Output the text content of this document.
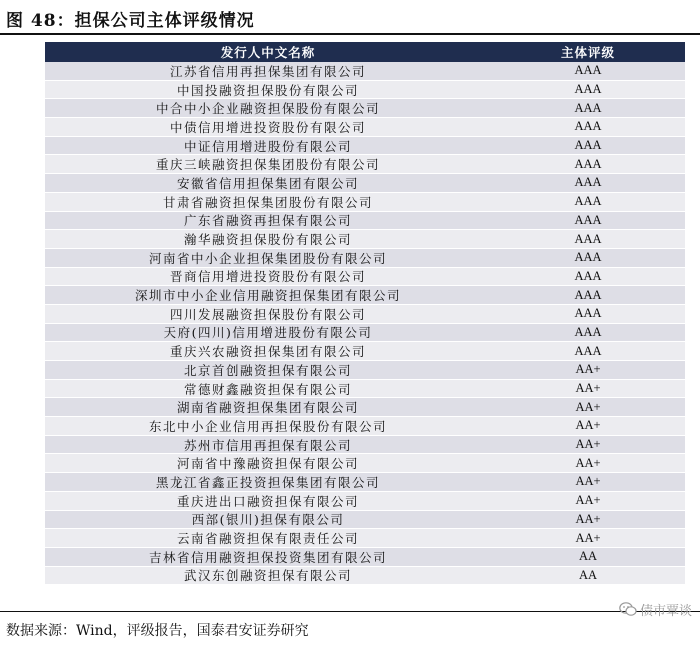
图 48：担保公司主体评级情况
发行人中文名称	主体评级
江苏省信用再担保集团有限公司	AAA
中国投融资担保股份有限公司	AAA
中合中小企业融资担保股份有限公司	AAA
中债信用增进投资股份有限公司	AAA
中证信用增进股份有限公司	AAA
重庆三峡融资担保集团股份有限公司	AAA
安徽省信用担保集团有限公司	AAA
甘肃省融资担保集团股份有限公司	AAA
广东省融资再担保有限公司	AAA
瀚华融资担保股份有限公司	AAA
河南省中小企业担保集团股份有限公司	AAA
晋商信用增进投资股份有限公司	AAA
深圳市中小企业信用融资担保集团有限公司	AAA
四川发展融资担保股份有限公司	AAA
天府(四川)信用增进股份有限公司	AAA
重庆兴农融资担保集团有限公司	AAA
北京首创融资担保有限公司	AA+
常德财鑫融资担保有限公司	AA+
湖南省融资担保集团有限公司	AA+
东北中小企业信用再担保股份有限公司	AA+
苏州市信用再担保有限公司	AA+
河南省中豫融资担保有限公司	AA+
黑龙江省鑫正投资担保集团有限公司	AA+
重庆进出口融资担保有限公司	AA+
西部(银川)担保有限公司	AA+
云南省融资担保有限责任公司	AA+
吉林省信用融资担保投资集团有限公司	AA
武汉东创融资担保有限公司	AA
数据来源：Wind，评级报告，国泰君安证券研究
债市覃谈
